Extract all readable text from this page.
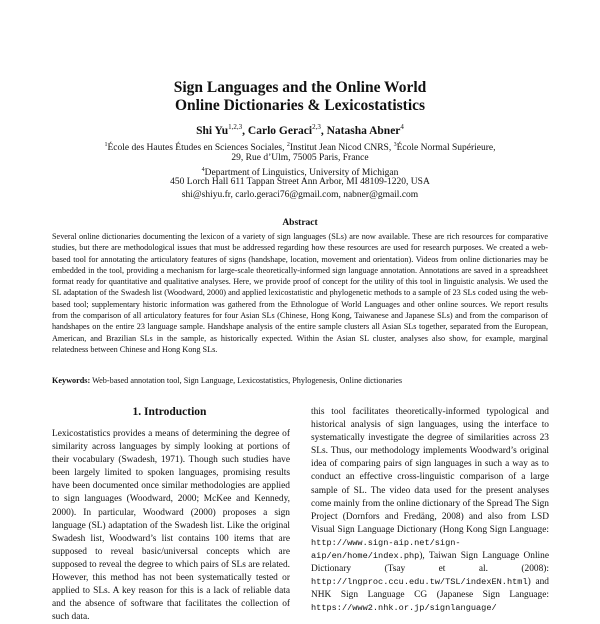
Sign Languages and the Online World
Online Dictionaries & Lexicostatistics
Shi Yu$^{1,2,3}$, Carlo Geraci$^{2,3}$, Natasha Abner$^4$
$^1$École des Hautes Études en Sciences Sociales, $^2$Institut Jean Nicod CNRS, $^3$École Normal Supérieure,
29, Rue d’Ulm, 75005 Paris, France
$^4$Department of Linguistics, University of Michigan
450 Lorch Hall 611 Tappan Street Ann Arbor, MI 48109-1220, USA
shi@shiyu.fr, carlo.geraci76@gmail.com, nabner@gmail.com
Abstract

Several online dictionaries documenting the lexicon of a variety of sign languages (SLs) are now available. These are rich resources for comparative studies, but there are methodological issues that must be addressed regarding how these resources are used for research purposes. We created a web-based tool for annotating the articulatory features of signs (handshape, location, movement and orientation). Videos from online dictionaries may be embedded in the tool, providing a mechanism for large-scale theoretically-informed sign language annotation. Annotations are saved in a spreadsheet format ready for quantitative and qualitative analyses. Here, we provide proof of concept for the utility of this tool in linguistic analysis. We used the SL adaptation of the Swadesh list (Woodward, 2000) and applied lexicostatistic and phylogenetic methods to a sample of 23 SLs coded using the web-based tool; supplementary historic information was gathered from the Ethnologue of World Languages and other online sources. We report results from the comparison of all articulatory features for four Asian SLs (Chinese, Hong Kong, Taiwanese and Japanese SLs) and from the comparison of handshapes on the entire 23 language sample. Handshape analysis of the entire sample clusters all Asian SLs together, separated from the European, American, and Brazilian SLs in the sample, as historically expected. Within the Asian SL cluster, analyses also show, for example, marginal relatedness between Chinese and Hong Kong SLs.

Keywords: Web-based annotation tool, Sign Language, Lexicostatistics, Phylogenesis, Online dictionaries
1. Introduction

Lexicostatistics provides a means of determining the degree of similarity across languages by simply looking at portions of their vocabulary (Swadesh, 1971). Though such studies have been largely limited to spoken languages, promising results have been documented once similar methodologies are applied to sign languages (Woodward, 2000; McKee and Kennedy, 2000). In particular, Woodward (2000) proposes a sign language (SL) adaptation of the Swadesh list. Like the original Swadesh list, Woodward’s list contains 100 items that are supposed to reveal basic/universal concepts which are supposed to reveal the degree to which pairs of SLs are related. However, this method has not been systematically tested or applied to SLs. A key reason for this is a lack of reliable data and the absence of software that facilitates the collection of such data.

this tool facilitates theoretically-informed typological and historical analysis of sign languages, using the interface to systematically investigate the degree of similarities across 23 SLs. Thus, our methodology implements Woodward’s original idea of comparing pairs of sign languages in such a way as to conduct an effective cross-linguistic comparison of a large sample of SL. The video data used for the present analyses come mainly from the online dictionary of the Spread The Sign Project (Dornfors and Fredäng, 2008) and also from LSD Visual Sign Language Dictionary (Hong Kong Sign Language: http://www.sign-aip.net/sign-aip/en/home/index.php), Taiwan Sign Language Online Dictionary (Tsay et al. (2008): http://lngproc.ccu.edu.tw/TSL/indexEN.html) and NHK Sign Language CG (Japanese Sign Language: https://www2.nhk.or.jp/signlanguage/
